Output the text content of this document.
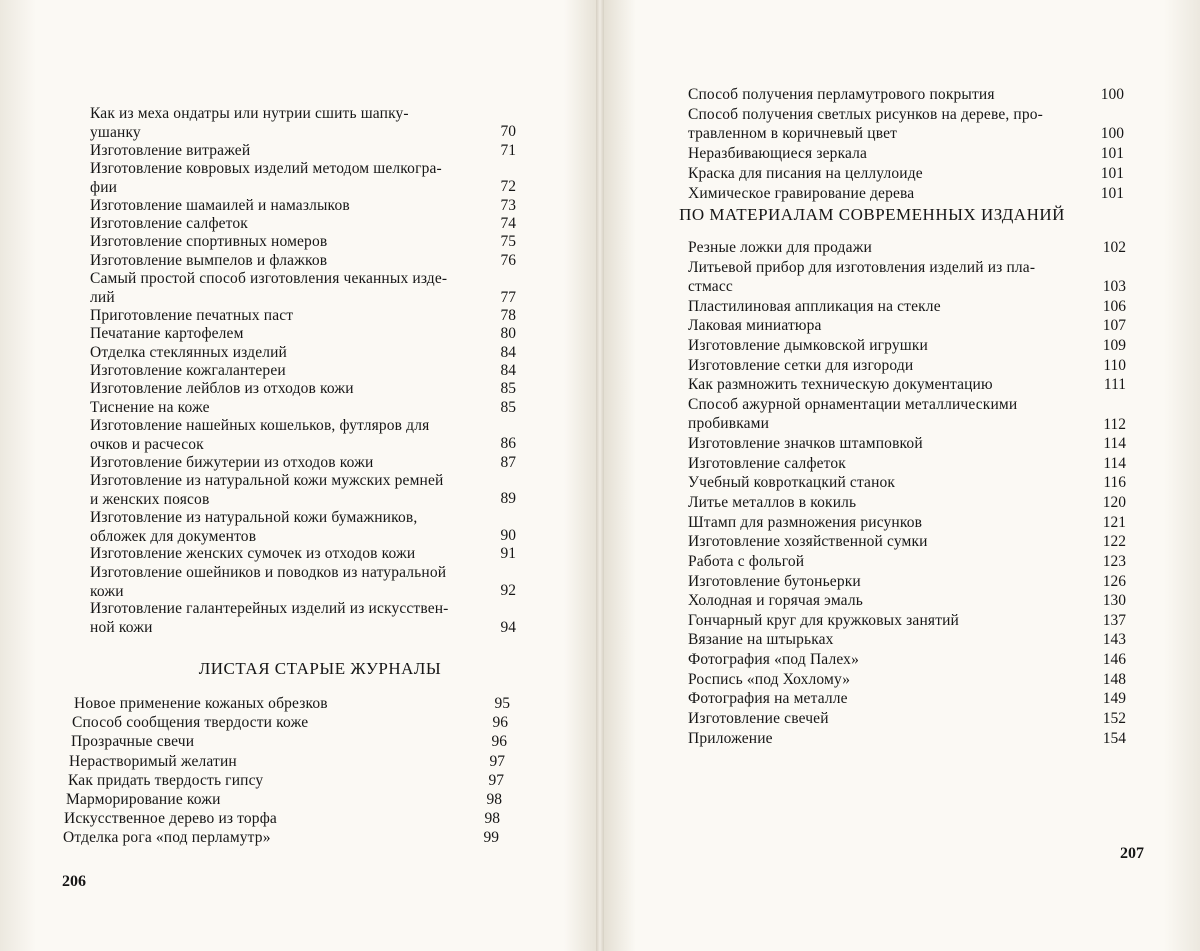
Как из меха ондатры или нутрии сшить шапку-
ушанку	70
Изготовление витражей	71
Изготовление ковровых изделий методом шелкогра-
фии	72
Изготовление шамаилей и намазлыков	73
Изготовление салфеток	74
Изготовление спортивных номеров	75
Изготовление вымпелов и флажков	76
Самый простой способ изготовления чеканных изде-
лий	77
Приготовление печатных паст	78
Печатание картофелем	80
Отделка стеклянных изделий	84
Изготовление кожгалантереи	84
Изготовление лейблов из отходов кожи	85
Тиснение на коже	85
Изготовление нашейных кошельков, футляров для
очков и расчесок	86
Изготовление бижутерии из отходов кожи	87
Изготовление из натуральной кожи мужских ремней
и женских поясов	89
Изготовление из натуральной кожи бумажников,
обложек для документов	90
Изготовление женских сумочек из отходов кожи	91
Изготовление ошейников и поводков из натуральной
кожи	92
Изготовление галантерейных изделий из искусствен-
ной кожи	94
ЛИСТАЯ СТАРЫЕ ЖУРНАЛЫ
Новое применение кожаных обрезков	95
Способ сообщения твердости коже	96
Прозрачные свечи	96
Нерастворимый желатин	97
Как придать твердость гипсу	97
Марморирование кожи	98
Искусственное дерево из торфа	98
Отделка рога «под перламутр»	99
206
Способ получения перламутрового покрытия	100
Способ получения светлых рисунков на дереве, про-
травленном в коричневый цвет	100
Неразбивающиеся зеркала	101
Краска для писания на целлулоиде	101
Химическое гравирование дерева	101
ПО МАТЕРИАЛАМ СОВРЕМЕННЫХ ИЗДАНИЙ
Резные ложки для продажи	102
Литьевой прибор для изготовления изделий из пла-
стмасс	103
Пластилиновая аппликация на стекле	106
Лаковая миниатюра	107
Изготовление дымковской игрушки	109
Изготовление сетки для изгороди	110
Как размножить техническую документацию	111
Способ ажурной орнаментации металлическими
пробивками	112
Изготовление значков штамповкой	114
Изготовление салфеток	114
Учебный ковроткацкий станок	116
Литье металлов в кокиль	120
Штамп для размножения рисунков	121
Изготовление хозяйственной сумки	122
Работа с фольгой	123
Изготовление бутоньерки	126
Холодная и горячая эмаль	130
Гончарный круг для кружковых занятий	137
Вязание на штырьках	143
Фотография «под Палех»	146
Роспись «под Хохлому»	148
Фотография на металле	149
Изготовление свечей	152
Приложение	154
207
